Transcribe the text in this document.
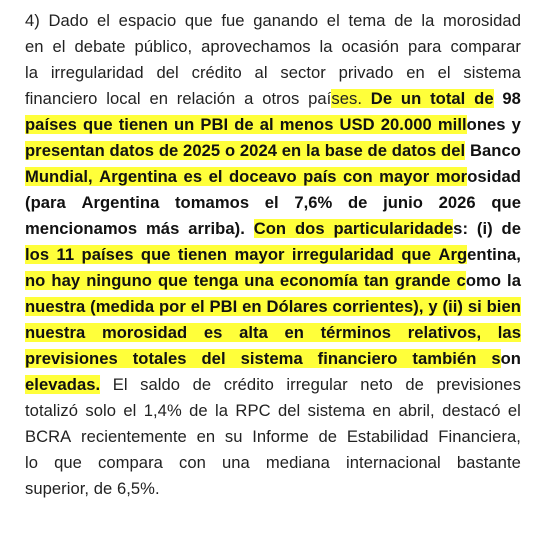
4) Dado el espacio que fue ganando el tema de la morosidad
en el debate público, aprovechamos la ocasión para comparar
la irregularidad del crédito al sector privado en el sistema
financiero local en relación a otros países. De un total de 98
países que tienen un PBI de al menos USD 20.000 millones y
presentan datos de 2025 o 2024 en la base de datos del Banco
Mundial, Argentina es el doceavo país con mayor morosidad
(para Argentina tomamos el 7,6% de junio 2026 que
mencionamos más arriba). Con dos particularidades: (i) de
los 11 países que tienen mayor irregularidad que Argentina,
no hay ninguno que tenga una economía tan grande como la
nuestra (medida por el PBI en Dólares corrientes), y (ii) si bien
nuestra	morosidad	es	alta	en	términos	relativos,	las
previsiones totales del sistema financiero también son
elevadas. El saldo de crédito irregular neto de previsiones
totalizó solo el 1,4% de la RPC del sistema en abril, destacó el
BCRA recientemente en su Informe de Estabilidad Financiera,
lo que compara con una mediana internacional bastante
superior, de 6,5%.
